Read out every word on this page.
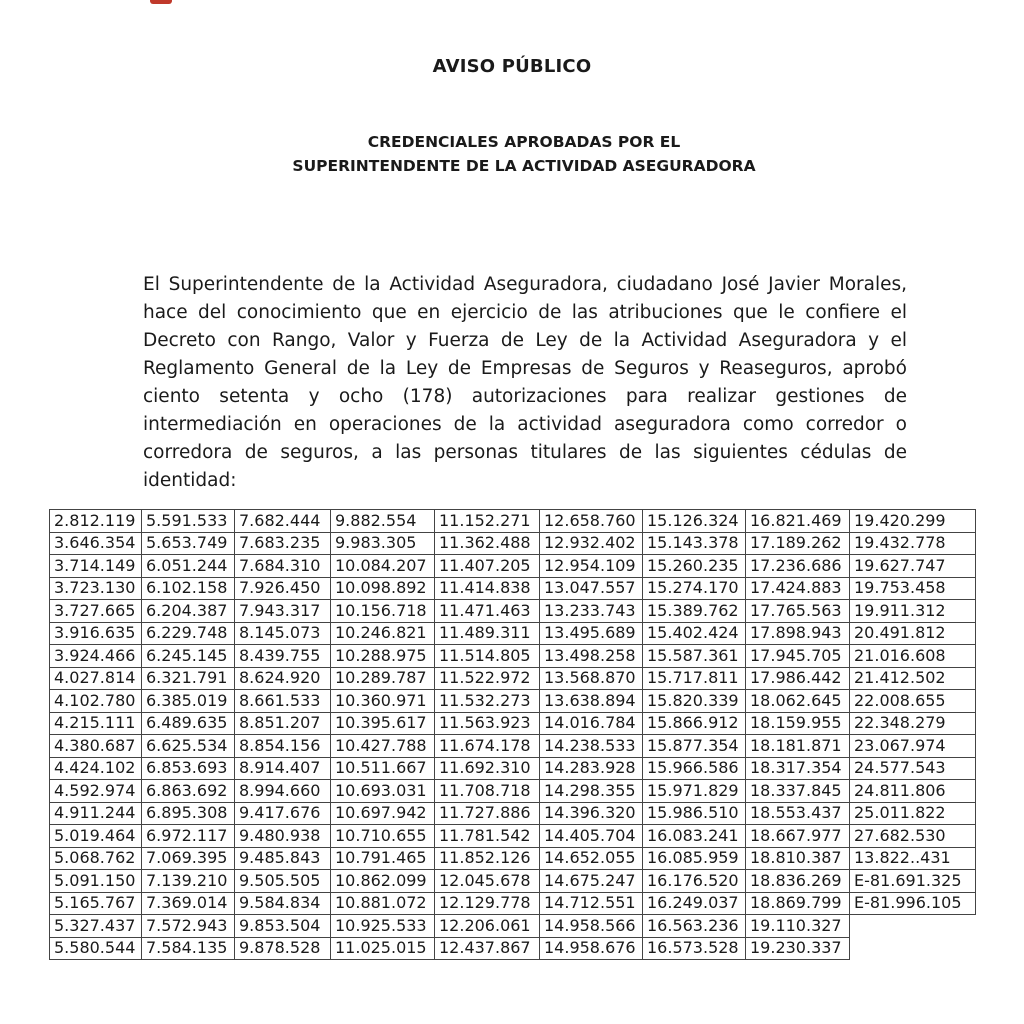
AVISO PÚBLICO
CREDENCIALES APROBADAS POR EL
SUPERINTENDENTE DE LA ACTIVIDAD ASEGURADORA

El Superintendente de la Actividad Aseguradora, ciudadano José Javier Morales, hace del conocimiento que en ejercicio de las atribuciones que le confiere el Decreto con Rango, Valor y Fuerza de Ley de la Actividad Aseguradora y el Reglamento General de la Ley de Empresas de Seguros y Reaseguros, aprobó ciento setenta y ocho (178) autorizaciones para realizar gestiones de intermediación en operaciones de la actividad aseguradora como corredor o corredora de seguros, a las personas titulares de las siguientes cédulas de identidad:

2.812.119	5.591.533	7.682.444	9.882.554	11.152.271	12.658.760	15.126.324	16.821.469	19.420.299
3.646.354	5.653.749	7.683.235	9.983.305	11.362.488	12.932.402	15.143.378	17.189.262	19.432.778
3.714.149	6.051.244	7.684.310	10.084.207	11.407.205	12.954.109	15.260.235	17.236.686	19.627.747
3.723.130	6.102.158	7.926.450	10.098.892	11.414.838	13.047.557	15.274.170	17.424.883	19.753.458
3.727.665	6.204.387	7.943.317	10.156.718	11.471.463	13.233.743	15.389.762	17.765.563	19.911.312
3.916.635	6.229.748	8.145.073	10.246.821	11.489.311	13.495.689	15.402.424	17.898.943	20.491.812
3.924.466	6.245.145	8.439.755	10.288.975	11.514.805	13.498.258	15.587.361	17.945.705	21.016.608
4.027.814	6.321.791	8.624.920	10.289.787	11.522.972	13.568.870	15.717.811	17.986.442	21.412.502
4.102.780	6.385.019	8.661.533	10.360.971	11.532.273	13.638.894	15.820.339	18.062.645	22.008.655
4.215.111	6.489.635	8.851.207	10.395.617	11.563.923	14.016.784	15.866.912	18.159.955	22.348.279
4.380.687	6.625.534	8.854.156	10.427.788	11.674.178	14.238.533	15.877.354	18.181.871	23.067.974
4.424.102	6.853.693	8.914.407	10.511.667	11.692.310	14.283.928	15.966.586	18.317.354	24.577.543
4.592.974	6.863.692	8.994.660	10.693.031	11.708.718	14.298.355	15.971.829	18.337.845	24.811.806
4.911.244	6.895.308	9.417.676	10.697.942	11.727.886	14.396.320	15.986.510	18.553.437	25.011.822
5.019.464	6.972.117	9.480.938	10.710.655	11.781.542	14.405.704	16.083.241	18.667.977	27.682.530
5.068.762	7.069.395	9.485.843	10.791.465	11.852.126	14.652.055	16.085.959	18.810.387	13.822..431
5.091.150	7.139.210	9.505.505	10.862.099	12.045.678	14.675.247	16.176.520	18.836.269	E-81.691.325
5.165.767	7.369.014	9.584.834	10.881.072	12.129.778	14.712.551	16.249.037	18.869.799	E-81.996.105
5.327.437	7.572.943	9.853.504	10.925.533	12.206.061	14.958.566	16.563.236	19.110.327	
5.580.544	7.584.135	9.878.528	11.025.015	12.437.867	14.958.676	16.573.528	19.230.337	
